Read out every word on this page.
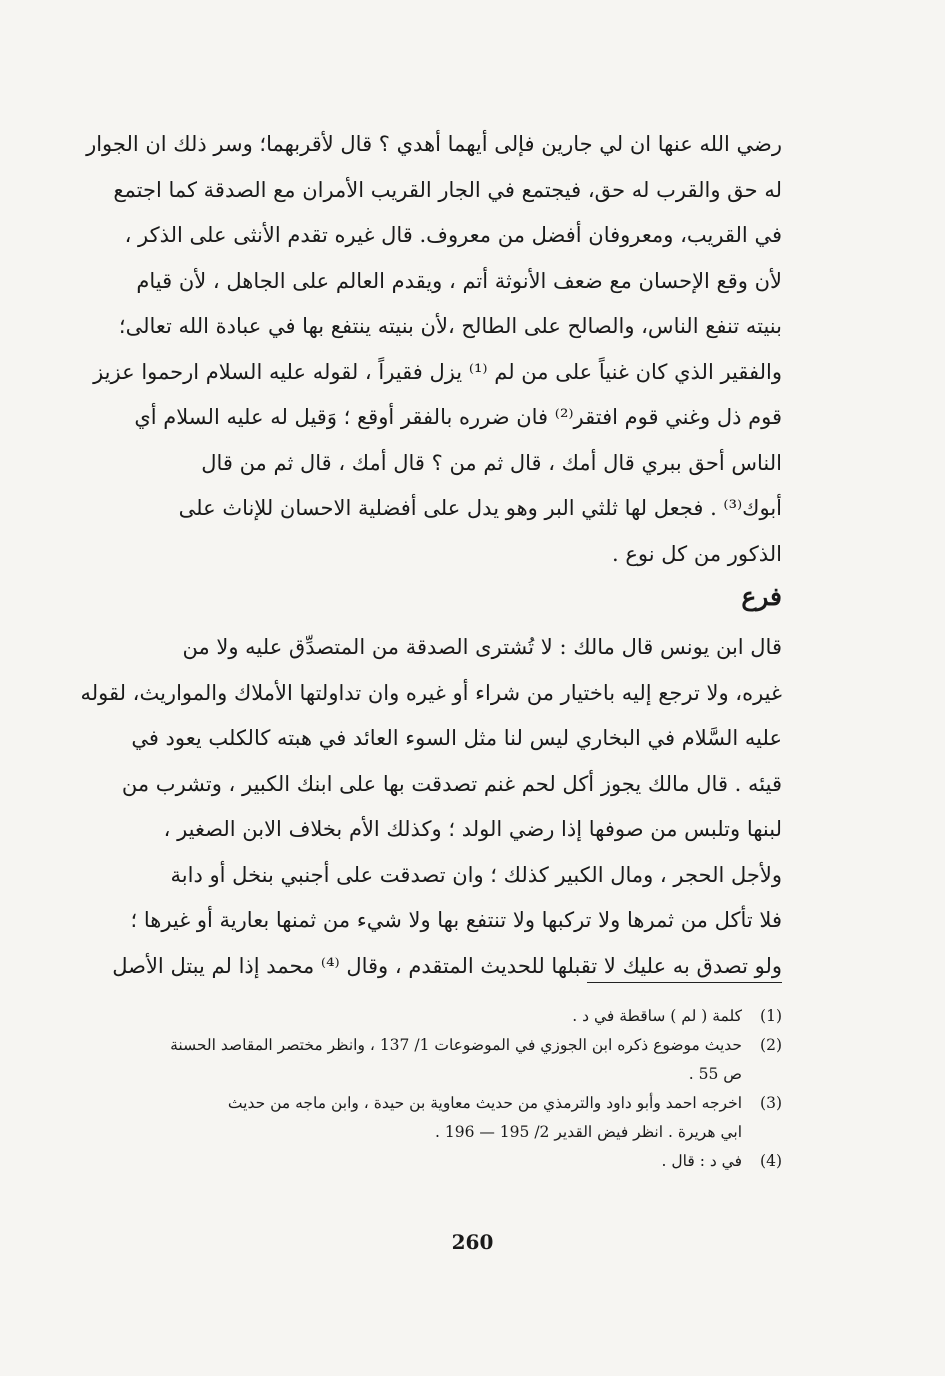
رضي الله عنها ان لي جارين فإلى أيهما أهدي ؟ قال لأقربهما؛ وسر ذلك ان الجوار
له حق والقرب له حق، فيجتمع في الجار القريب الأمران مع الصدقة كما اجتمع
في القريب، ومعروفان أفضل من معروف. قال غيره تقدم الأنثى على الذكر ،
لأن وقع الإحسان مع ضعف الأنوثة أتم ، ويقدم العالم على الجاهل ، لأن قيام
بنيته تنفع الناس، والصالح على الطالح ،لأن بنيته ينتفع بها في عبادة الله تعالى؛
والفقير الذي كان غنياً على من لم ⁽¹⁾ يزل فقيراً ، لقوله عليه السلام ارحموا عزيز
قوم ذل وغني قوم افتقر⁽²⁾ فان ضرره بالفقر أوقع ؛ وَقيل له عليه السلام أي
الناس أحق ببري قال أمك ، قال ثم من ؟ قال أمك ، قال ثم من قال
أبوك⁽³⁾ . فجعل لها ثلثي البر وهو يدل على أفضلية الاحسان للإناث على
الذكور من كل نوع .
فرع
قال ابن يونس قال مالك : لا تُشترى الصدقة من المتصدِّق عليه ولا من
غيره، ولا ترجع إليه باختيار من شراء أو غيره وان تداولتها الأملاك والمواريث، لقوله
عليه السَّلام في البخاري ليس لنا مثل السوء العائد في هبته كالكلب يعود في
قيئه . قال مالك يجوز أكل لحم غنم تصدقت بها على ابنك الكبير ، وتشرب من
لبنها وتلبس من صوفها إذا رضي الولد ؛ وكذلك الأم بخلاف الابن الصغير ،
ولأجل الحجر ، ومال الكبير كذلك ؛ وان تصدقت على أجنبي بنخل أو دابة
فلا تأكل من ثمرها ولا تركبها ولا تنتفع بها ولا شيء من ثمنها بعارية أو غيرها ؛
ولو تصدق به عليك لا تقبلها للحديث المتقدم ، وقال ⁽⁴⁾ محمد إذا لم يبتل الأصل
(1)
كلمة ( لم ) ساقطة في د .
(2)
حديث موضوع ذكره ابن الجوزي في الموضوعات 1/ 137 ، وانظر مختصر المقاصد الحسنة
ص 55 .
(3)
اخرجه احمد وأبو داود والترمذي من حديث معاوية بن حيدة ، وابن ماجه من حديث
ابي هريرة . انظر فيض القدير 2/ 195 — 196 .
(4)
في د : قال .
260
